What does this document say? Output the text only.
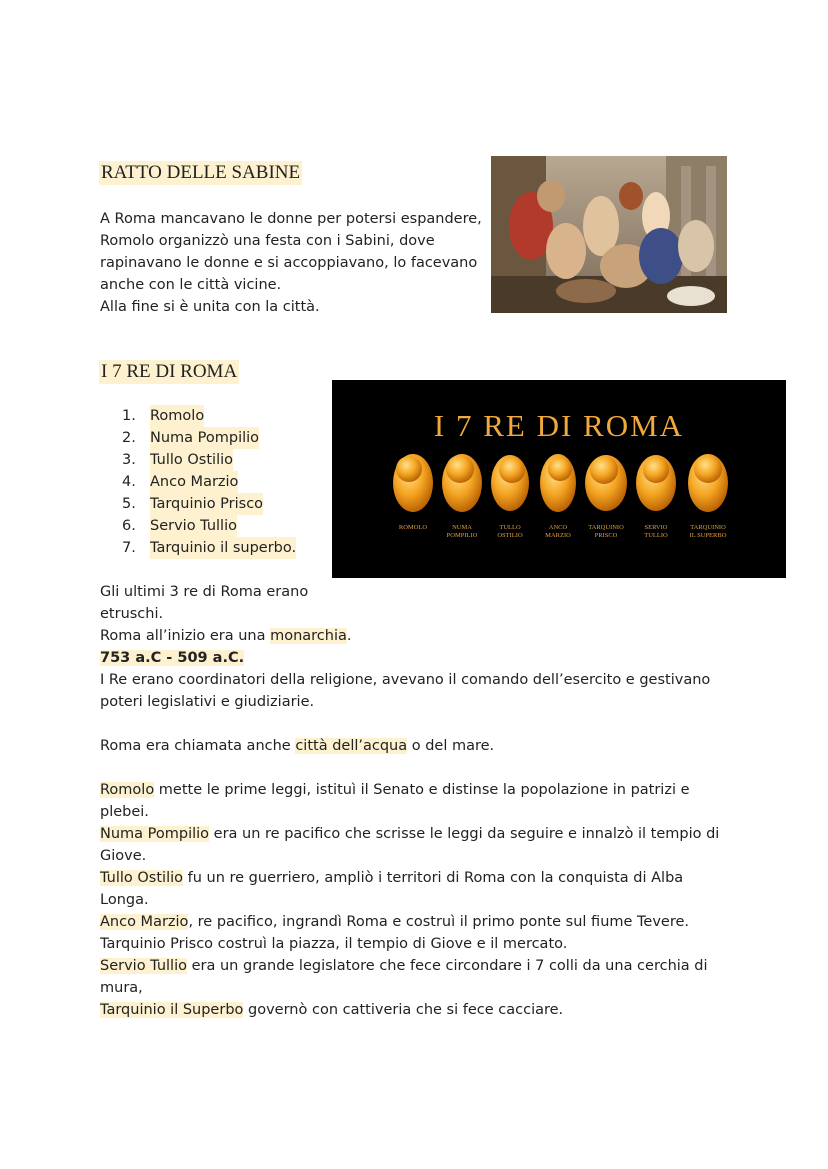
RATTO DELLE SABINE

A Roma mancavano le donne per potersi espandere,

Romolo organizzò una festa con i Sabini, dove

rapinavano le donne e si accoppiavano, lo facevano

anche con le città vicine.

Alla fine si è unita con la città.

I 7 RE DI ROMA
1. Romolo
2. Numa Pompilio
3. Tullo Ostilio
4. Anco Marzio
5. Tarquinio Prisco
6. Servio Tullio
7. Tarquinio il superbo.
I 7 RE DI ROMA
ROMOLO	NUMA
POMPILIO
TULLO
OSTILIO
ANCO
MARZIO
TARQUINIO
PRISCO
SERVIO
TULLIO
TARQUINIO
IL SUPERBO

Gli ultimi 3 re di Roma erano

etruschi.

Roma all’inizio era una monarchia.

753 a.C - 509 a.C.

I Re erano coordinatori della religione, avevano il comando dell’esercito e gestivano

poteri legislativi e giudiziarie.

Roma era chiamata anche città dell’acqua o del mare.

Romolo mette le prime leggi, istituì il Senato e distinse la popolazione in patrizi e

plebei.

Numa Pompilio era un re pacifico che scrisse le leggi da seguire e innalzò il tempio di

Giove.

Tullo Ostilio fu un re guerriero, ampliò i territori di Roma con la conquista di Alba

Longa.

Anco Marzio, re pacifico, ingrandì Roma e costruì il primo ponte sul fiume Tevere.

Tarquinio Prisco costruì la piazza, il tempio di Giove e il mercato.

Servio Tullio era un grande legislatore che fece circondare i 7 colli da una cerchia di

mura,

Tarquinio il Superbo governò con cattiveria che si fece cacciare.
